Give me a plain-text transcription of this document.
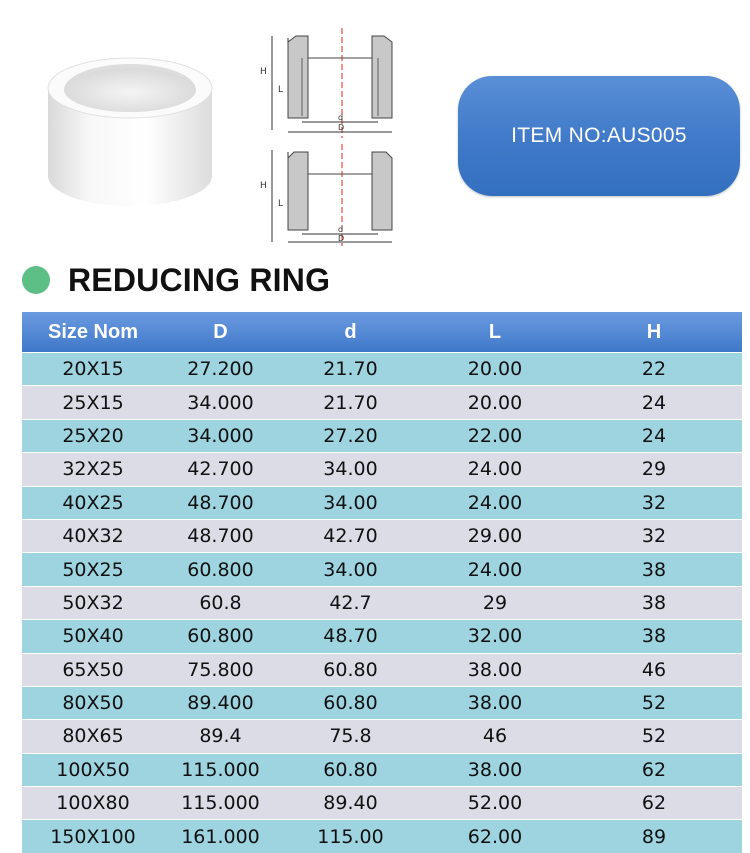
H
L
d
D
H
L
d
D
ITEM NO:AUS005
REDUCING RING
Size Nom	D	d	L	H
20X15	27.200	21.70	20.00	22
25X15	34.000	21.70	20.00	24
25X20	34.000	27.20	22.00	24
32X25	42.700	34.00	24.00	29
40X25	48.700	34.00	24.00	32
40X32	48.700	42.70	29.00	32
50X25	60.800	34.00	24.00	38
50X32	60.8	42.7	29	38
50X40	60.800	48.70	32.00	38
65X50	75.800	60.80	38.00	46
80X50	89.400	60.80	38.00	52
80X65	89.4	75.8	46	52
100X50	115.000	60.80	38.00	62
100X80	115.000	89.40	52.00	62
150X100	161.000	115.00	62.00	89
